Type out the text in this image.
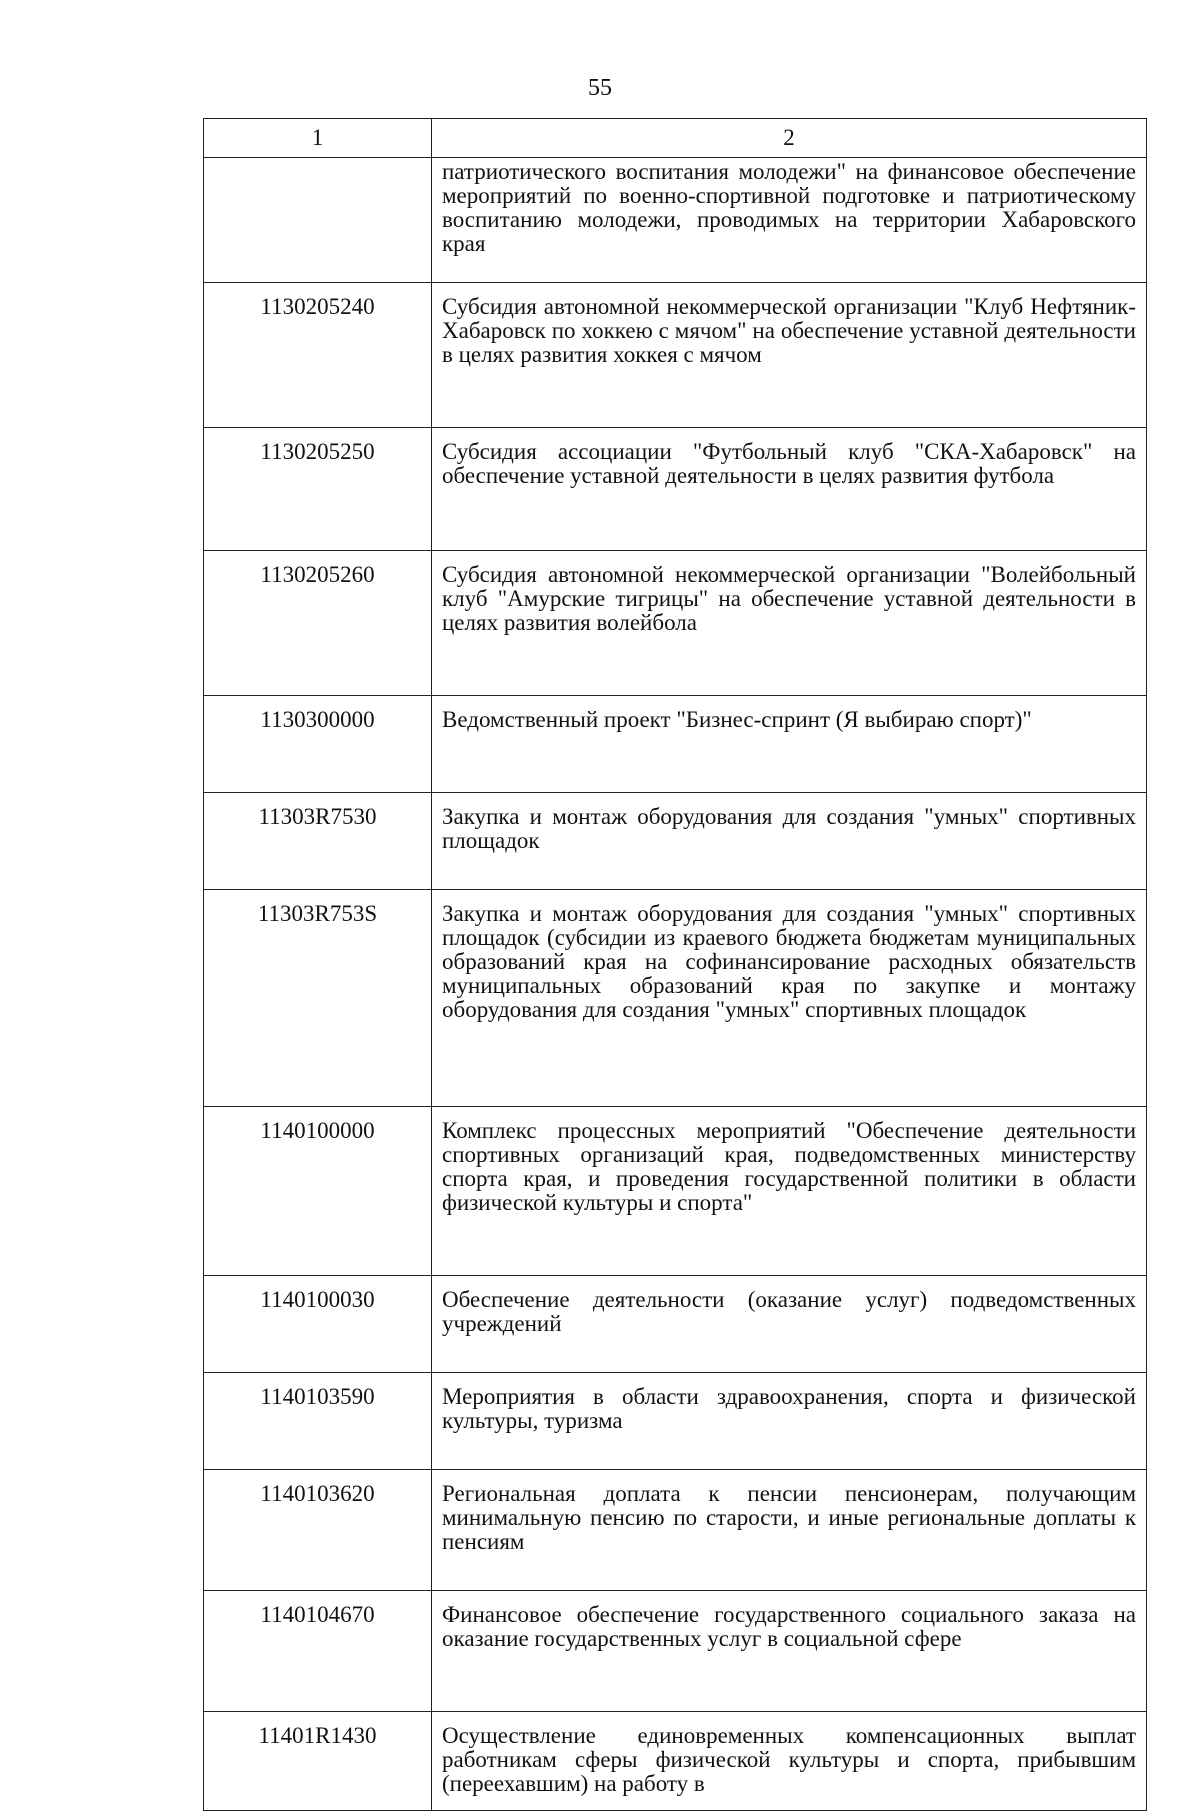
55
1	2
	патриотического воспитания молодежи" на финансовое обеспечение мероприятий по военно-спортивной подготовке и патриотическому воспитанию молодежи, проводимых на территории Хабаровского края
1130205240	Субсидия автономной некоммерческой организации "Клуб Нефтяник-Хабаровск по хоккею с мячом" на обеспечение уставной деятельности в целях развития хоккея с мячом
1130205250	Субсидия ассоциации "Футбольный клуб "СКА-Хабаровск" на обеспечение уставной деятельности в целях развития футбола
1130205260	Субсидия автономной некоммерческой организации "Волейбольный клуб "Амурские тигрицы" на обеспечение уставной деятельности в целях развития волейбола
1130300000	Ведомственный проект "Бизнес-спринт (Я выбираю спорт)"
11303R7530	Закупка и монтаж оборудования для создания "умных" спортивных площадок
11303R753S	Закупка и монтаж оборудования для создания "умных" спортивных площадок (субсидии из краевого бюджета бюджетам муниципальных образований края на софинансирование расходных обязательств муниципальных образований края по закупке и монтажу оборудования для создания "умных" спортивных площадок
1140100000	Комплекс процессных мероприятий "Обеспечение деятельности спортивных организаций края, подведомственных министерству спорта края, и проведения государственной политики в области физической культуры и спорта"
1140100030	Обеспечение деятельности (оказание услуг) подведомственных учреждений
1140103590	Мероприятия в области здравоохранения, спорта и физической культуры, туризма
1140103620	Региональная доплата к пенсии пенсионерам, получающим минимальную пенсию по старости, и иные региональные доплаты к пенсиям
1140104670	Финансовое обеспечение государственного социального заказа на оказание государственных услуг в социальной сфере
11401R1430	Осуществление единовременных компенсационных выплат работникам сферы физической культуры и спорта, прибывшим (переехавшим) на работу в
